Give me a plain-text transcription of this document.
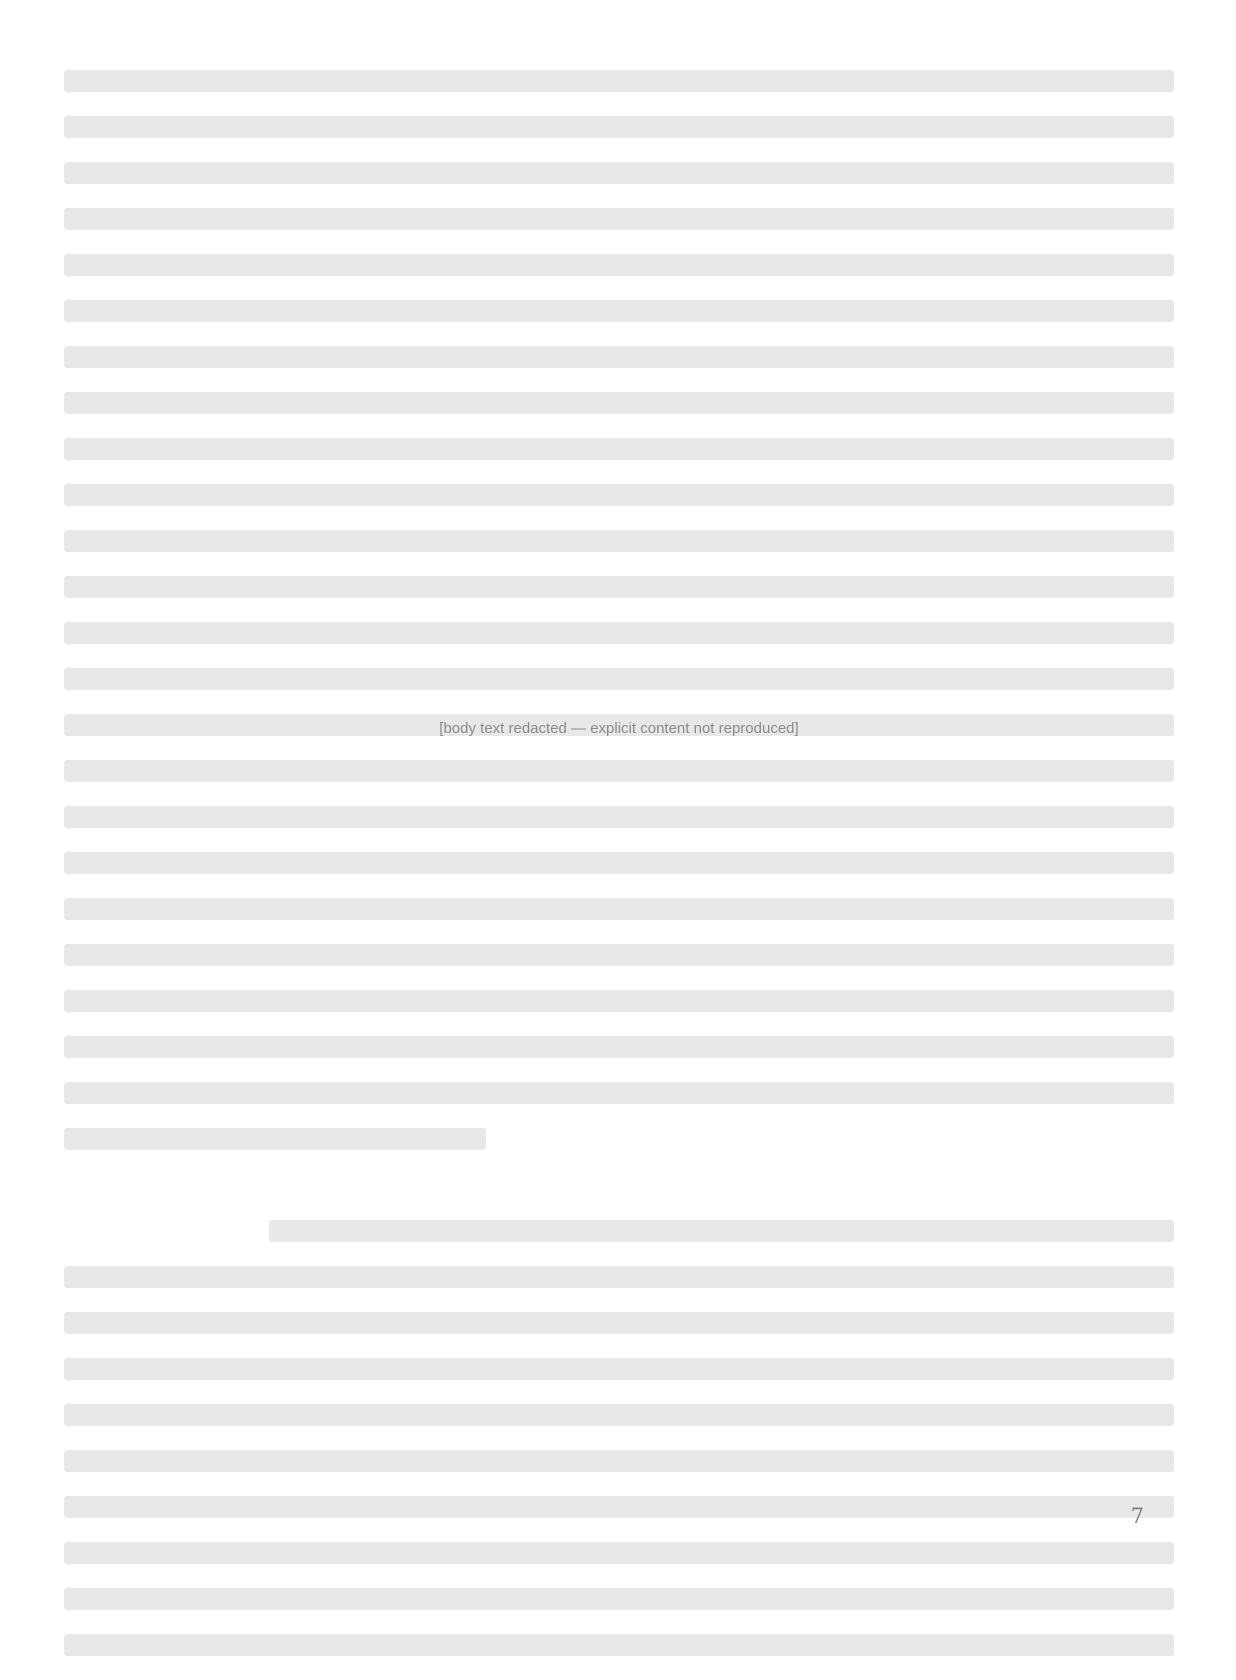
[body text redacted — explicit content not reproduced]
7
